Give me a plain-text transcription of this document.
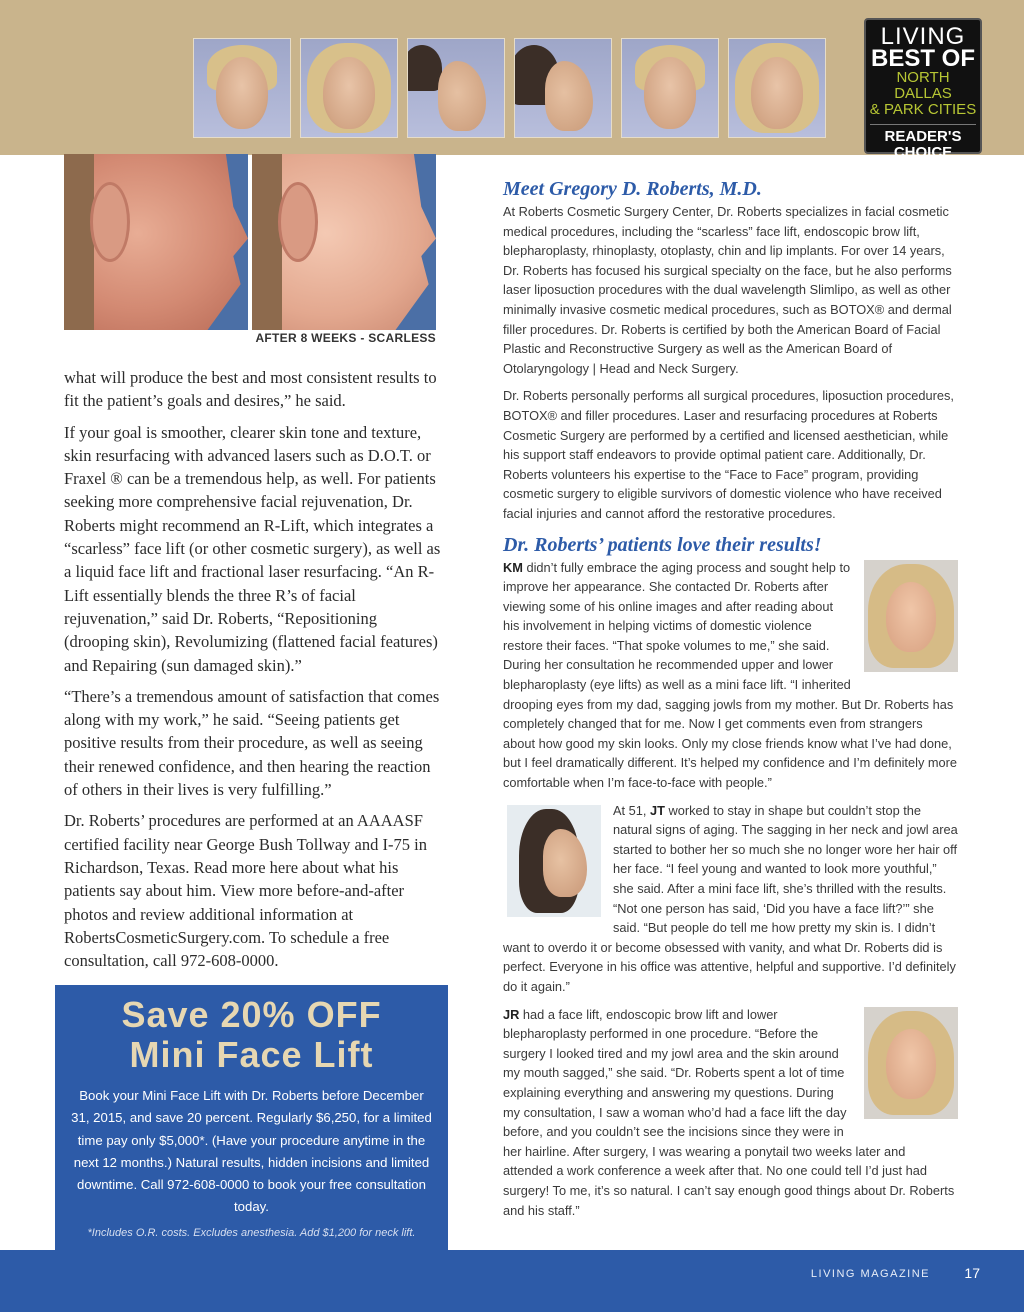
LIVING
BEST OF
NORTH DALLAS
& PARK CITIES
READER'S CHOICE
2014
AFTER 8 WEEKS - SCARLESS

what will produce the best and most consistent results to fit the patient’s goals and desires,” he said.

If your goal is smoother, clearer skin tone and texture, skin resurfacing with advanced lasers such as D.O.T. or Fraxel ® can be a tremendous help, as well. For patients seeking more comprehensive facial rejuvenation, Dr. Roberts might recommend an R-Lift, which integrates a “scarless” face lift (or other cosmetic surgery), as well as a liquid face lift and fractional laser resurfacing. “An R-Lift essentially blends the three R’s of facial rejuvenation,” said Dr. Roberts, “Repositioning (drooping skin), Revolumizing (flattened facial features) and Repairing (sun damaged skin).”

“There’s a tremendous amount of satisfaction that comes along with my work,” he said. “Seeing patients get positive results from their procedure, as well as seeing their renewed confidence, and then hearing the reaction of others in their lives is very fulfilling.”

Dr. Roberts’ procedures are performed at an AAAASF certified facility near George Bush Tollway and I-75 in Richardson, Texas. Read more here about what his patients say about him. View more before-and-after photos and review additional information at RobertsCosmeticSurgery.com. To schedule a free consultation, call 972-608-0000.

Save 20% OFF
Mini Face Lift
Book your Mini Face Lift with Dr. Roberts before December 31, 2015, and save 20 percent. Regularly $6,250, for a limited time pay only $5,000*. (Have your procedure anytime in the next 12 months.) Natural results, hidden incisions and limited downtime. Call 972-608-0000 to book your free consultation today.
*Includes O.R. costs. Excludes anesthesia. Add $1,200 for neck lift.
Meet Gregory D. Roberts, M.D.

At Roberts Cosmetic Surgery Center, Dr. Roberts specializes in facial cosmetic medical procedures, including the “scarless” face lift, endoscopic brow lift, blepharoplasty, rhinoplasty, otoplasty, chin and lip implants. For over 14 years, Dr. Roberts has focused his surgical specialty on the face, but he also performs laser liposuction procedures with the dual wavelength Slimlipo, as well as other minimally invasive cosmetic medical procedures, such as BOTOX® and dermal filler procedures. Dr. Roberts is certified by both the American Board of Facial Plastic and Reconstructive Surgery as well as the American Board of Otolaryngology | Head and Neck Surgery.

Dr. Roberts personally performs all surgical procedures, liposuction procedures, BOTOX® and filler procedures. Laser and resurfacing procedures at Roberts Cosmetic Surgery are performed by a certified and licensed aesthetician, while his support staff endeavors to provide optimal patient care. Additionally, Dr. Roberts volunteers his expertise to the “Face to Face” program, providing cosmetic surgery to eligible survivors of domestic violence who have received facial injuries and cannot afford the restorative procedures.

Dr. Roberts’ patients love their results!

KM didn’t fully embrace the aging process and sought help to improve her appearance. She contacted Dr. Roberts after viewing some of his online images and after reading about his involvement in helping victims of domestic violence restore their faces. “That spoke volumes to me,” she said. During her consultation he recommended upper and lower blepharoplasty (eye lifts) as well as a mini face lift. “I inherited drooping eyes from my dad, sagging jowls from my mother. But Dr. Roberts has completely changed that for me. Now I get comments even from strangers about how good my skin looks. Only my close friends know what I’ve had done, but I feel dramatically different. It’s helped my confidence and I’m definitely more comfortable when I’m face-to-face with people.”

At 51, JT worked to stay in shape but couldn’t stop the natural signs of aging. The sagging in her neck and jowl area started to bother her so much she no longer wore her hair off her face. “I feel young and wanted to look more youthful,” she said. After a mini face lift, she’s thrilled with the results. “Not one person has said, ‘Did you have a face lift?’” she said. “But people do tell me how pretty my skin is. I didn’t want to overdo it or become obsessed with vanity, and what Dr. Roberts did is perfect. Everyone in his office was attentive, helpful and supportive. I’d definitely do it again.”

JR had a face lift, endoscopic brow lift and lower blepharoplasty performed in one procedure. “Before the surgery I looked tired and my jowl area and the skin around my mouth sagged,” she said. “Dr. Roberts spent a lot of time explaining everything and answering my questions. During my consultation, I saw a woman who’d had a face lift the day before, and you couldn’t see the incisions since they were in her hairline. After surgery, I was wearing a ponytail two weeks later and attended a work conference a week after that. No one could tell I’d just had surgery! To me, it’s so natural. I can’t say enough good things about Dr. Roberts and his staff.”

LIVING MAGAZINE 17
